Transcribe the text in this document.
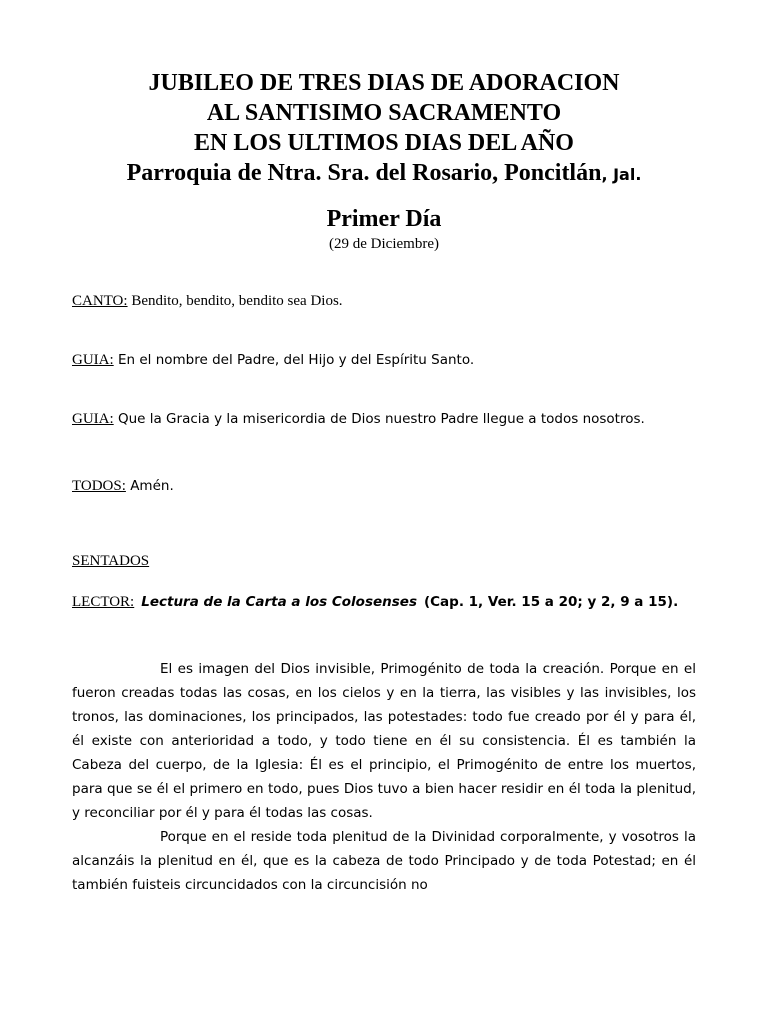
JUBILEO DE TRES DIAS DE ADORACION
AL SANTISIMO SACRAMENTO
EN LOS ULTIMOS DIAS DEL AÑO
Parroquia de Ntra. Sra. del Rosario, Poncitlán, Jal.
Primer Día
(29 de Diciembre)
CANTO: Bendito, bendito, bendito sea Dios.
GUIA: En el nombre del Padre, del Hijo y del Espíritu Santo.
GUIA: Que la Gracia y la misericordia de Dios nuestro Padre llegue a todos nosotros.
TODOS: Amén.
SENTADOS
LECTOR: Lectura de la Carta a los Colosenses (Cap. 1, Ver. 15 a 20; y 2, 9 a 15).

El es imagen del Dios invisible, Primogénito de toda la creación. Porque en el fueron creadas todas las cosas, en los cielos y en la tierra, las visibles y las invisibles, los tronos, las dominaciones, los principados, las potestades: todo fue creado por él y para él, él existe con anterioridad a todo, y todo tiene en él su consistencia. Él es también la Cabeza del cuerpo, de la Iglesia: Él es el principio, el Primogénito de entre los muertos, para que se él el primero en todo, pues Dios tuvo a bien hacer residir en él toda la plenitud, y reconciliar por él y para él todas las cosas.

Porque en el reside toda plenitud de la Divinidad corporalmente, y vosotros la alcanzáis la plenitud en él, que es la cabeza de todo Principado y de toda Potestad; en él también fuisteis circuncidados con la circuncisión no
